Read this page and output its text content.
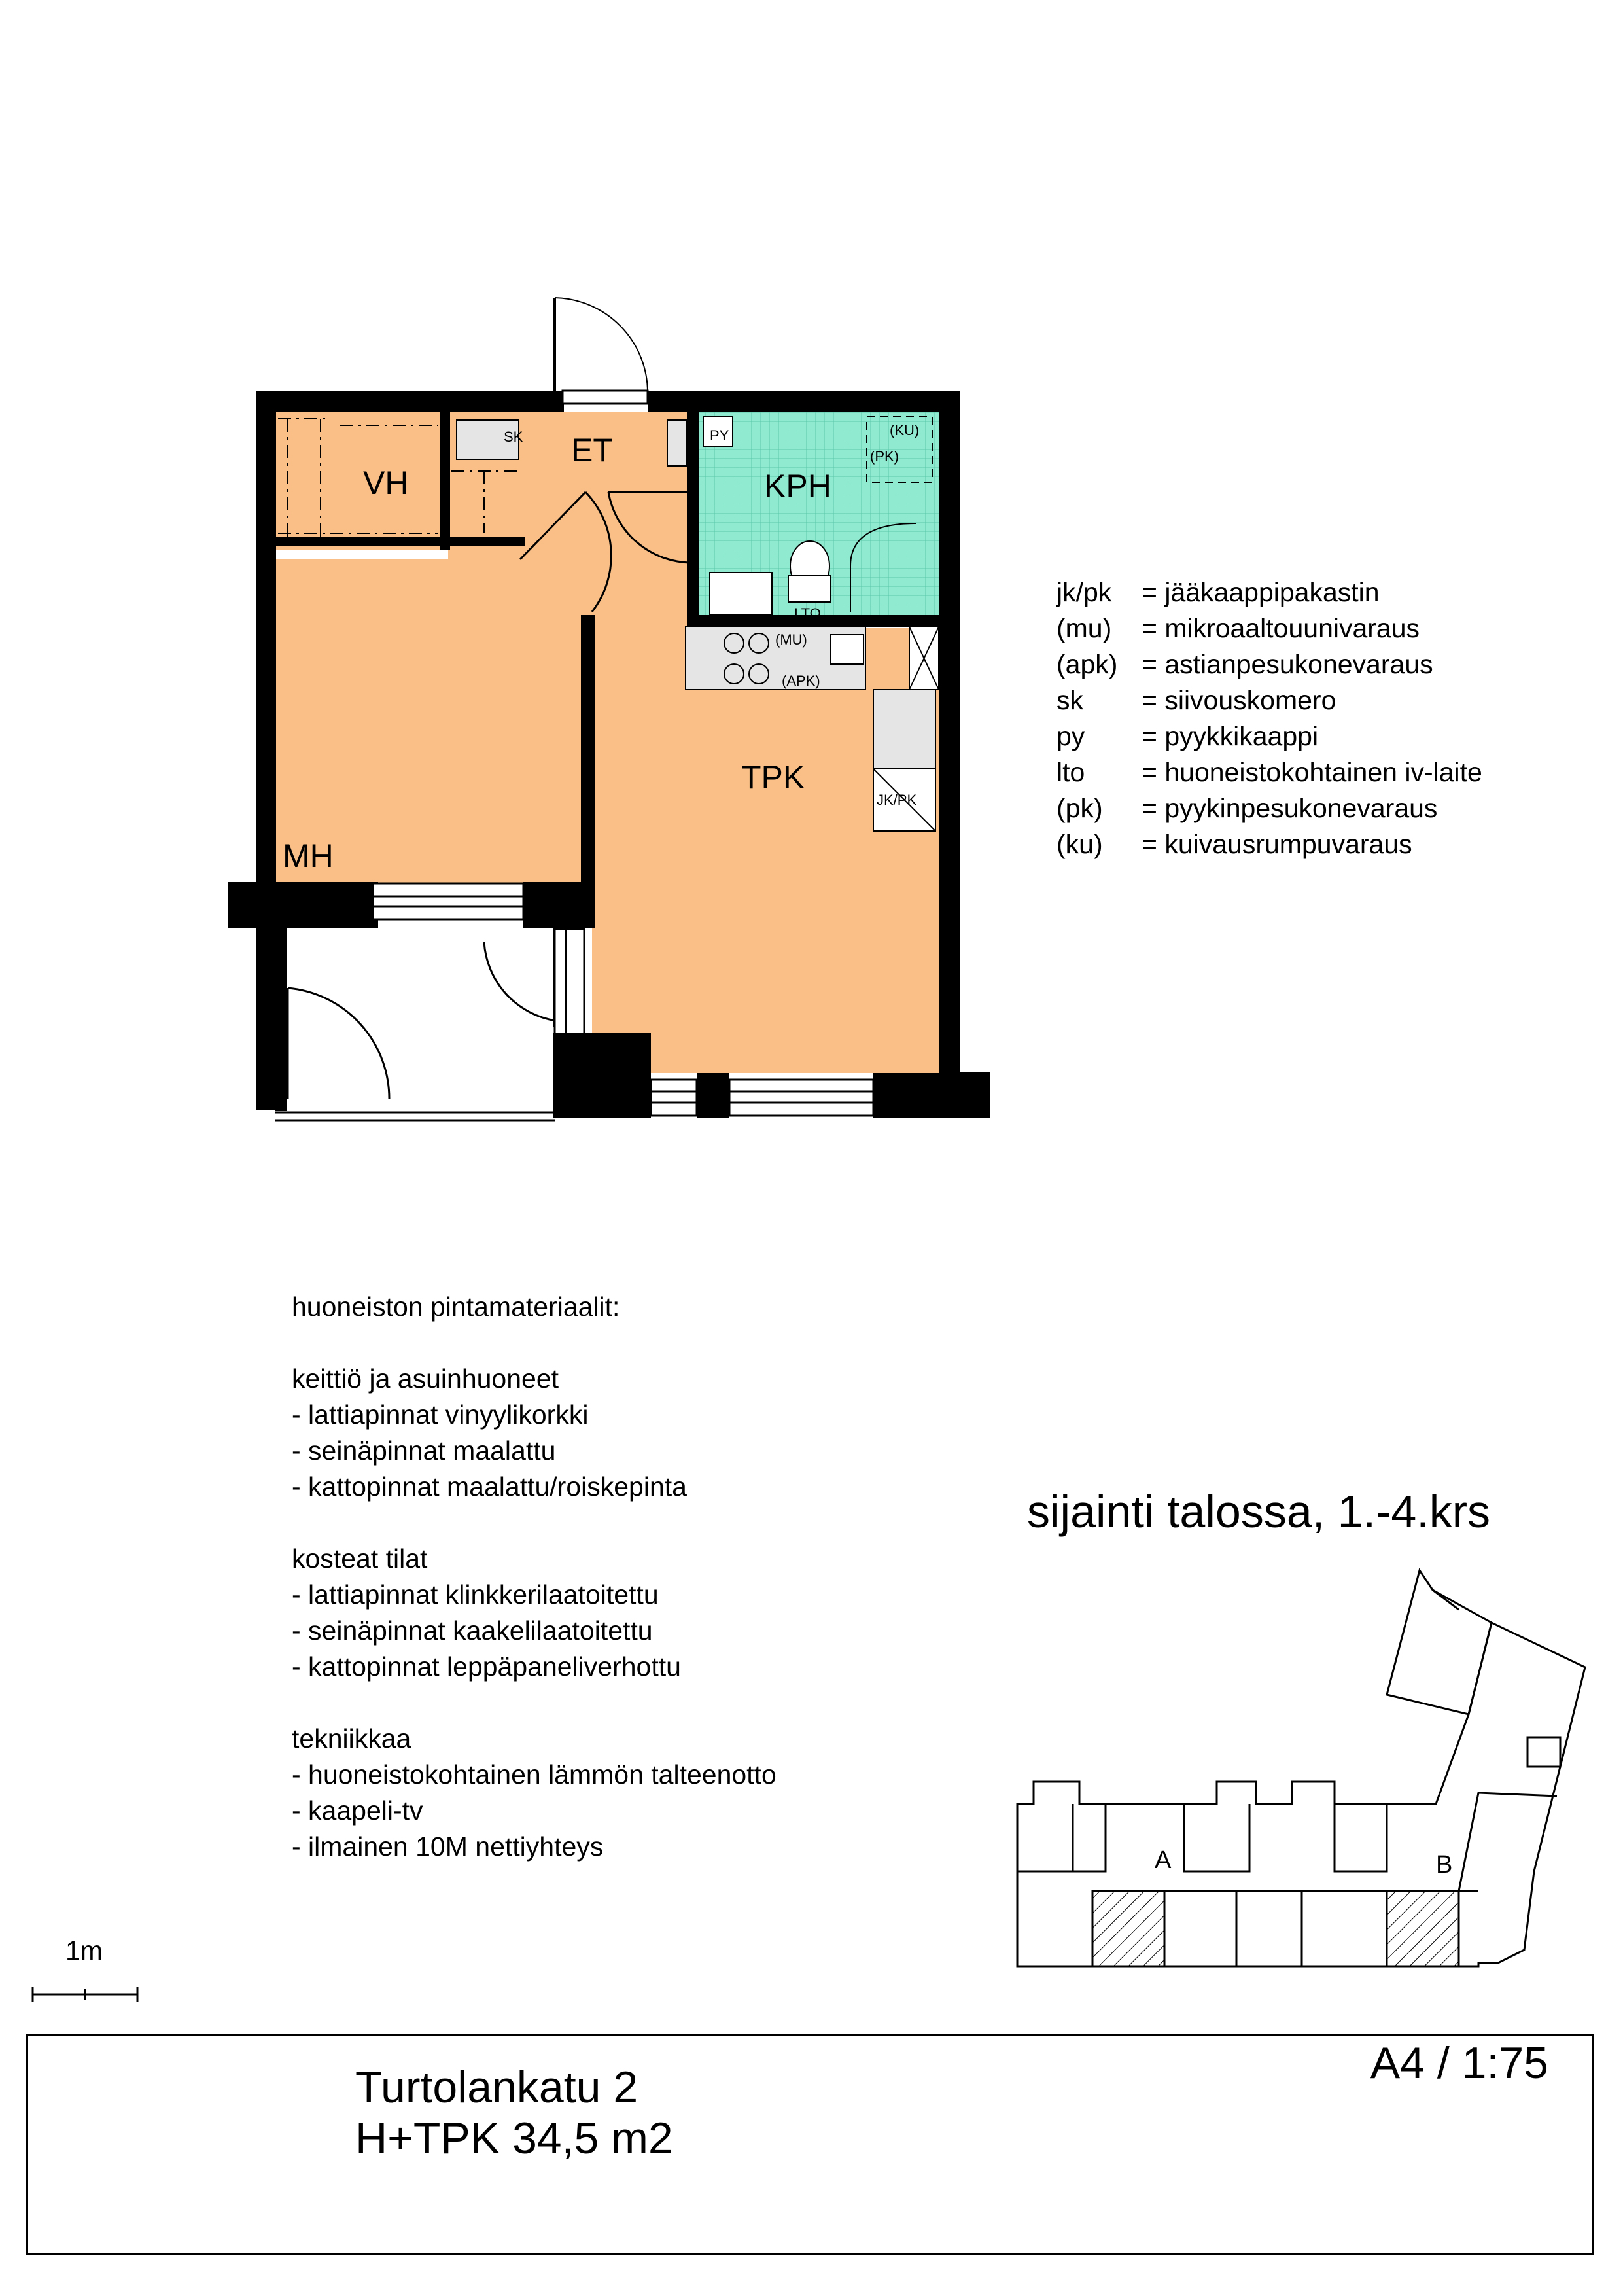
VH
ET
KPH
TPK
MH
SK	PY	(KU)
(PK)
(MU)
(APK)
JK/PK
LTO
A	B
jk/pk	= jääkaappipakastin
(mu)	= mikroaaltouunivaraus
(apk) = astianpesukonevaraus
sk	= siivouskomero
py	= pyykkikaappi
lto	= huoneistokohtainen iv-laite
(pk)	= pyykinpesukonevaraus
(ku)	= kuivausrumpuvaraus
huoneiston pintamateriaalit:
keittiö ja asuinhuoneet
- lattiapinnat vinyylikorkki
- seinäpinnat maalattu
- kattopinnat maalattu/roiskepinta
kosteat tilat
- lattiapinnat klinkkerilaatoitettu
- seinäpinnat kaakelilaatoitettu
- kattopinnat leppäpaneliverhottu
tekniikkaa
- huoneistokohtainen lämmön talteenotto
- kaapeli-tv
- ilmainen 10M nettiyhteys
sijainti talossa, 1.-4.krs
1m
Turtolankatu 2
H+TPK 34,5 m2
A4 / 1:75
